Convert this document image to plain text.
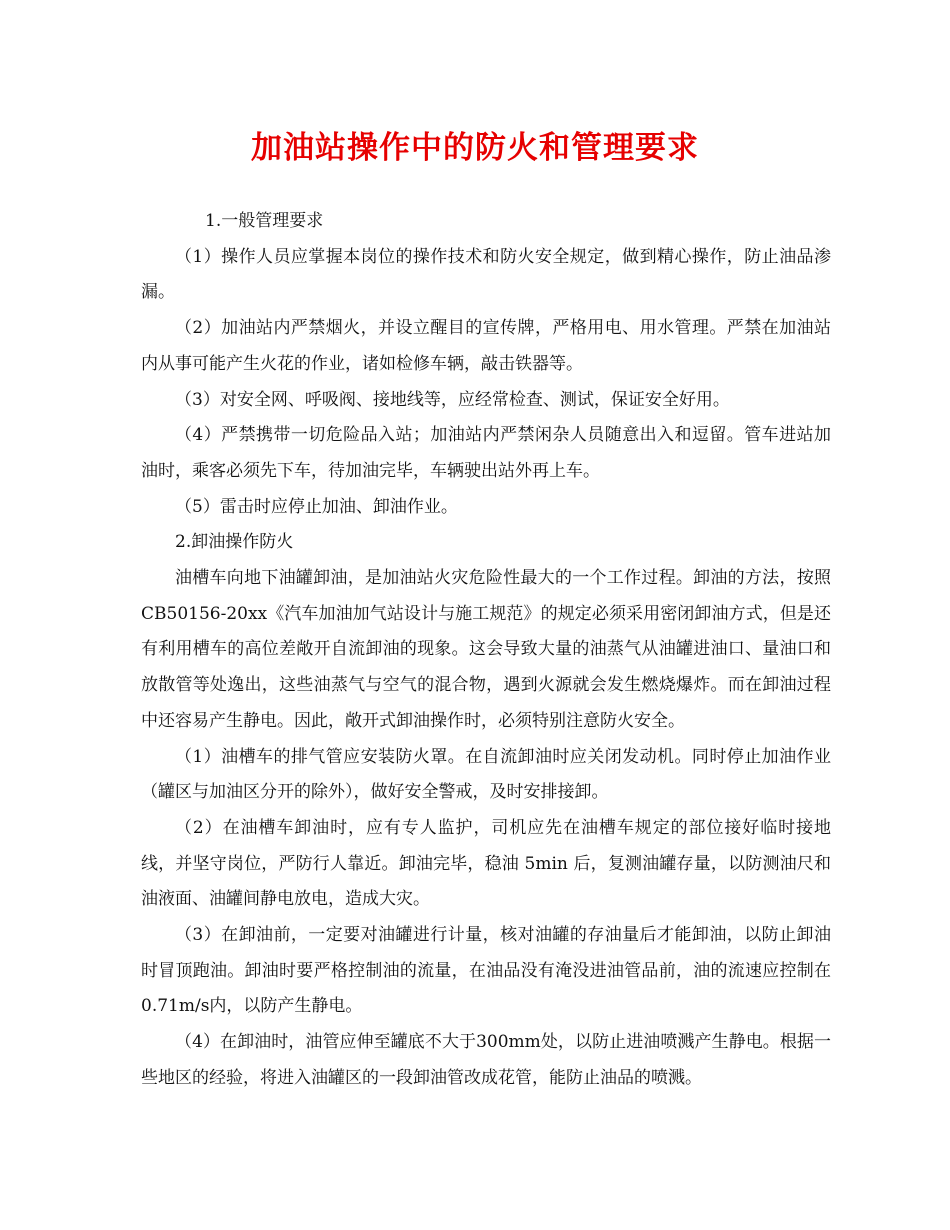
加油站操作中的防火和管理要求

1.一般管理要求

（1）操作人员应掌握本岗位的操作技术和防火安全规定，做到精心操作，防止油品渗漏。

（2）加油站内严禁烟火，并设立醒目的宣传牌，严格用电、用水管理。严禁在加油站内从事可能产生火花的作业，诸如检修车辆，敲击铁器等。

（3）对安全网、呼吸阀、接地线等，应经常检查、测试，保证安全好用。

（4）严禁携带一切危险品入站；加油站内严禁闲杂人员随意出入和逗留。管车进站加油时，乘客必须先下车，待加油完毕，车辆驶出站外再上车。

（5）雷击时应停止加油、卸油作业。

2.卸油操作防火

油槽车向地下油罐卸油，是加油站火灾危险性最大的一个工作过程。卸油的方法，按照CB50156-20xx《汽车加油加气站设计与施工规范》的规定必须采用密闭卸油方式，但是还有利用槽车的高位差敞开自流卸油的现象。这会导致大量的油蒸气从油罐进油口、量油口和放散管等处逸出，这些油蒸气与空气的混合物，遇到火源就会发生燃烧爆炸。而在卸油过程中还容易产生静电。因此，敞开式卸油操作时，必须特别注意防火安全。

（1）油槽车的排气管应安装防火罩。在自流卸油时应关闭发动机。同时停止加油作业（罐区与加油区分开的除外），做好安全警戒，及时安排接卸。

（2）在油槽车卸油时，应有专人监护，司机应先在油槽车规定的部位接好临时接地线，并坚守岗位，严防行人靠近。卸油完毕，稳油 5min 后，复测油罐存量，以防测油尺和油液面、油罐间静电放电，造成大灾。

（3）在卸油前，一定要对油罐进行计量，核对油罐的存油量后才能卸油，以防止卸油时冒顶跑油。卸油时要严格控制油的流量，在油品没有淹没进油管品前，油的流速应控制在0.71m/s内，以防产生静电。

（4）在卸油时，油管应伸至罐底不大于300mm处，以防止进油喷溅产生静电。根据一些地区的经验，将进入油罐区的一段卸油管改成花管，能防止油品的喷溅。
